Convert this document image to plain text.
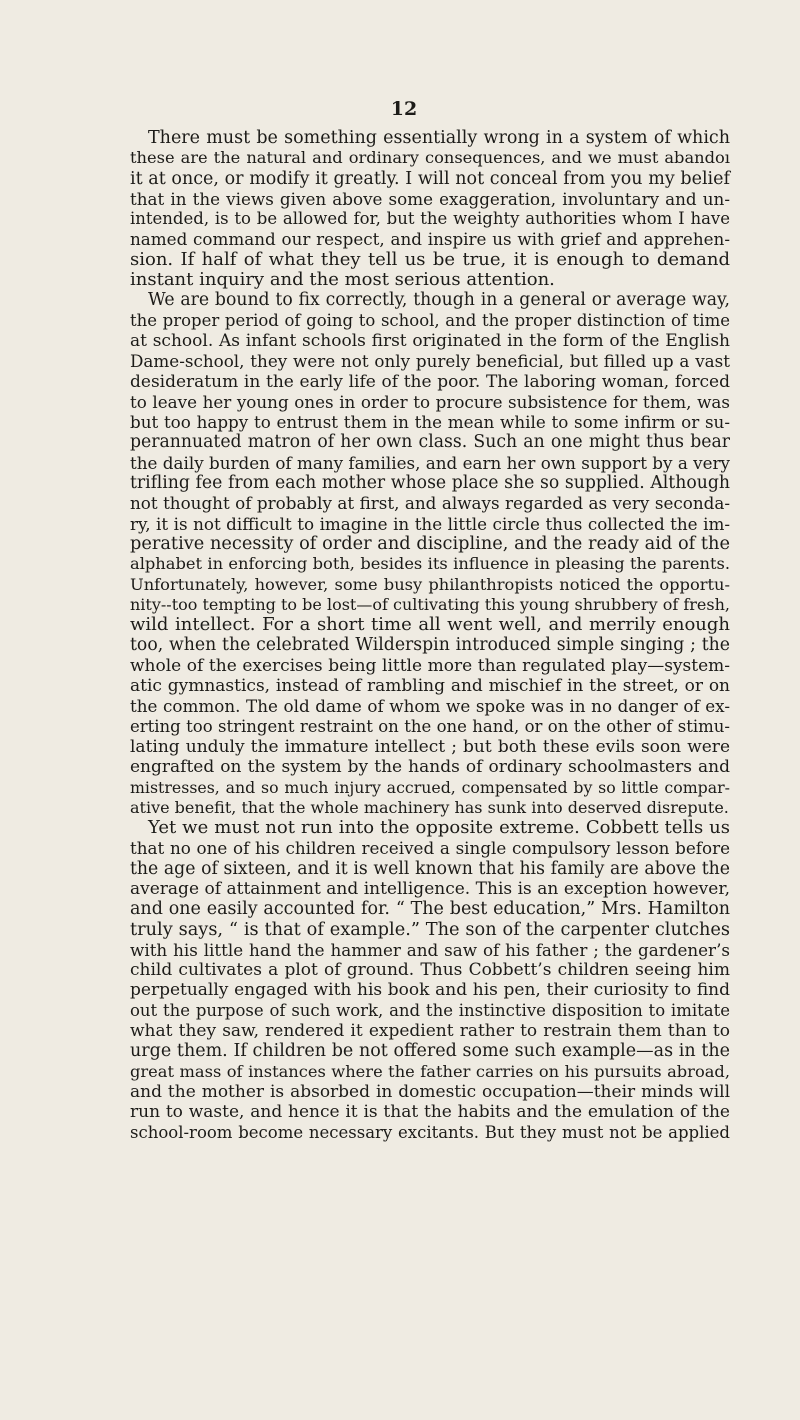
12
There must be something essentially wrong in a system of which
these are the natural and ordinary consequences, and we must abandoı
it at once, or modify it greatly. I will not conceal from you my belief
that in the views given above some exaggeration, involuntary and un-
intended, is to be allowed for, but the weighty authorities whom I have
named command our respect, and inspire us with grief and apprehen-
sion. If half of what they tell us be true, it is enough to demand
instant inquiry and the most serious attention.
We are bound to fix correctly, though in a general or average way,
the proper period of going to school, and the proper distinction of time
at school. As infant schools first originated in the form of the English
Dame-school, they were not only purely beneficial, but filled up a vast
desideratum in the early life of the poor. The laboring woman, forced
to leave her young ones in order to procure subsistence for them, was
but too happy to entrust them in the mean while to some infirm or su-
perannuated matron of her own class. Such an one might thus bear
the daily burden of many families, and earn her own support by a very
trifling fee from each mother whose place she so supplied. Although
not thought of probably at first, and always regarded as very seconda-
ry, it is not difficult to imagine in the little circle thus collected the im-
perative necessity of order and discipline, and the ready aid of the
alphabet in enforcing both, besides its influence in pleasing the parents.
Unfortunately, however, some busy philanthropists noticed the opportu-
nity--too tempting to be lost—of cultivating this young shrubbery of fresh,
wild intellect. For a short time all went well, and merrily enough
too, when the celebrated Wilderspin introduced simple singing ; the
whole of the exercises being little more than regulated play—system-
atic gymnastics, instead of rambling and mischief in the street, or on
the common. The old dame of whom we spoke was in no danger of ex-
erting too stringent restraint on the one hand, or on the other of stimu-
lating unduly the immature intellect ; but both these evils soon were
engrafted on the system by the hands of ordinary schoolmasters and
mistresses, and so much injury accrued, compensated by so little compar-
ative benefit, that the whole machinery has sunk into deserved disrepute.
Yet we must not run into the opposite extreme. Cobbett tells us
that no one of his children received a single compulsory lesson before
the age of sixteen, and it is well known that his family are above the
average of attainment and intelligence. This is an exception however,
and one easily accounted for. “ The best education,” Mrs. Hamilton
truly says, “ is that of example.” The son of the carpenter clutches
with his little hand the hammer and saw of his father ; the gardener’s
child cultivates a plot of ground. Thus Cobbett’s children seeing him
perpetually engaged with his book and his pen, their curiosity to find
out the purpose of such work, and the instinctive disposition to imitate
what they saw, rendered it expedient rather to restrain them than to
urge them. If children be not offered some such example—as in the
great mass of instances where the father carries on his pursuits abroad,
and the mother is absorbed in domestic occupation—their minds will
run to waste, and hence it is that the habits and the emulation of the
school-room become necessary excitants. But they must not be applied
